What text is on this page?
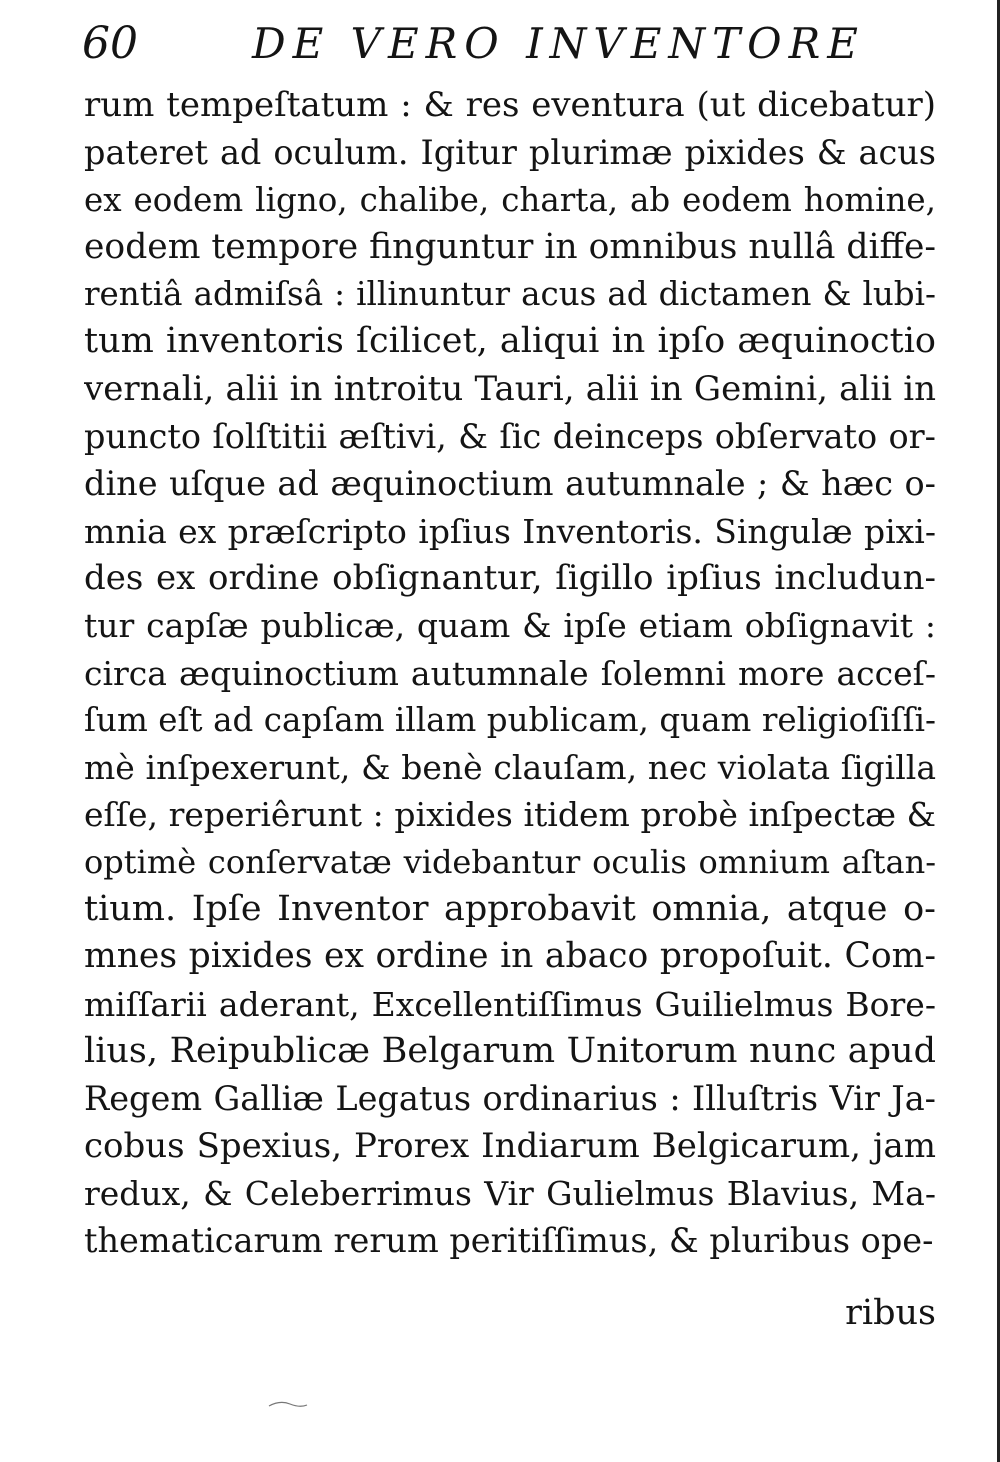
60	DE VERO INVENTORE
rum tempeſtatum : & res eventura (ut dicebatur)
pateret ad oculum. Igitur plurimæ pixides & acus
ex eodem ligno, chalibe, charta, ab eodem homine,
eodem tempore finguntur in omnibus nullâ diffe-
rentiâ admiſsâ : illinuntur acus ad dictamen & lubi-
tum inventoris ſcilicet, aliqui in ipſo æquinoctio
vernali, alii in introitu Tauri, alii in Gemini, alii in
puncto ſolſtitii æſtivi, & ſic deinceps obſervato or-
dine uſque ad æquinoctium autumnale ; & hæc o-
mnia ex præſcripto ipſius Inventoris. Singulæ pixi-
des ex ordine obſignantur, ſigillo ipſius includun-
tur capſæ publicæ, quam & ipſe etiam obſignavit :
circa æquinoctium autumnale ſolemni more acceſ-
ſum eſt ad capſam illam publicam, quam religioſiſſi-
mè inſpexerunt, & benè clauſam, nec violata ſigilla
eſſe, reperiêrunt : pixides itidem probè inſpectæ &
optimè conſervatæ videbantur oculis omnium aſtan-
tium. Ipſe Inventor approbavit omnia, atque o-
mnes pixides ex ordine in abaco propoſuit. Com-
miſſarii aderant, Excellentiſſimus Guilielmus Bore-
lius, Reipublicæ Belgarum Unitorum nunc apud
Regem Galliæ Legatus ordinarius : Illuſtris Vir Ja-
cobus Spexius, Prorex Indiarum Belgicarum, jam
redux, & Celeberrimus Vir Gulielmus Blavius, Ma-
thematicarum rerum peritiſſimus, & pluribus ope-
ribus
